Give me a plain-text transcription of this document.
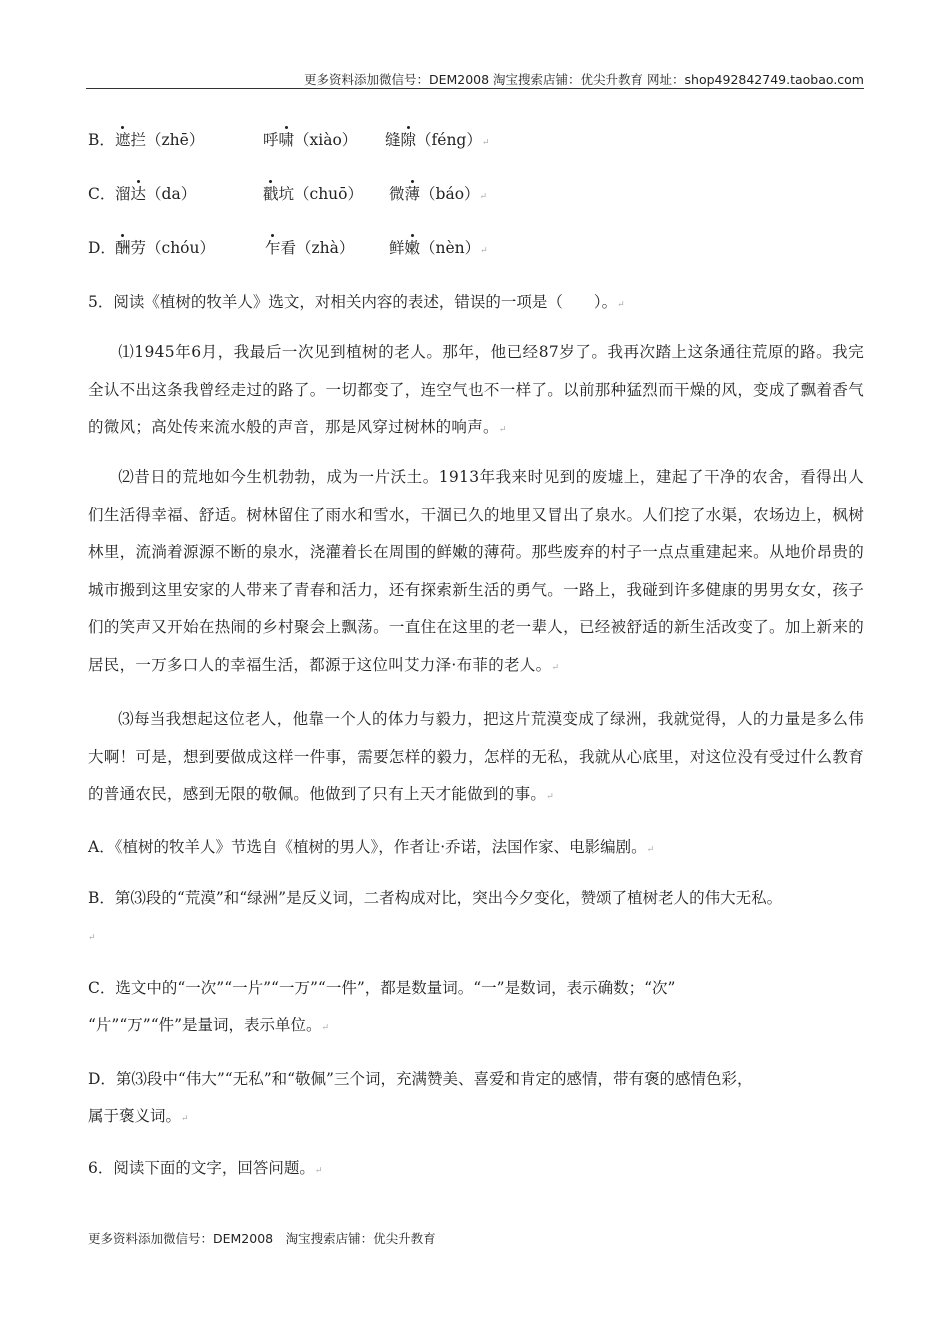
更多资料添加微信号：DEM2008 淘宝搜索店铺：优尖升教育 网址：shop492842749.taobao.com
B． 遮拦（zhē）	呼啸（xiào） 缝隙（féng）↵
C． 溜达（da）	戳坑（chuō） 微薄（báo）↵
D． 酬劳（chóu）	乍看（zhà） 鲜嫩（nèn）↵
5．阅读《植树的牧羊人》选文，对相关内容的表述，错误的一项是（　　）。↵
⑴1945年6月，我最后一次见到植树的老人。那年，他已经87岁了。我再次踏上这条通往荒原的路。我完全认不出这条我曾经走过的路了。一切都变了，连空气也不一样了。以前那种猛烈而干燥的风，变成了飘着香气的微风；高处传来流水般的声音，那是风穿过树林的响声。↵
⑵昔日的荒地如今生机勃勃，成为一片沃土。1913年我来时见到的废墟上，建起了干净的农舍，看得出人们生活得幸福、舒适。树林留住了雨水和雪水，干涸已久的地里又冒出了泉水。人们挖了水渠，农场边上，枫树林里，流淌着源源不断的泉水，浇灌着长在周围的鲜嫩的薄荷。那些废弃的村子一点点重建起来。从地价昂贵的城市搬到这里安家的人带来了青春和活力，还有探索新生活的勇气。一路上，我碰到许多健康的男男女女，孩子们的笑声又开始在热闹的乡村聚会上飘荡。一直住在这里的老一辈人，已经被舒适的新生活改变了。加上新来的居民，一万多口人的幸福生活，都源于这位叫艾力泽·布菲的老人。↵
⑶每当我想起这位老人，他靠一个人的体力与毅力，把这片荒漠变成了绿洲，我就觉得，人的力量是多么伟大啊！可是，想到要做成这样一件事，需要怎样的毅力，怎样的无私，我就从心底里，对这位没有受过什么教育的普通农民，感到无限的敬佩。他做到了只有上天才能做到的事。↵
A．《植树的牧羊人》节选自《植树的男人》，作者让·乔诺，法国作家、电影编剧。↵
B．第⑶段的“荒漠”和“绿洲”是反义词，二者构成对比，突出今夕变化，赞颂了植树老人的伟大无私。
↵
C．选文中的“一次”“一片”“一万”“一件”，都是数量词。“一”是数词，表示确数；“次”
“片”“万”“件”是量词，表示单位。↵
D．第⑶段中“伟大”“无私”和“敬佩”三个词，充满赞美、喜爱和肯定的感情，带有褒的感情色彩，
属于褒义词。↵
6．阅读下面的文字，回答问题。↵
更多资料添加微信号：DEM2008　淘宝搜索店铺：优尖升教育
